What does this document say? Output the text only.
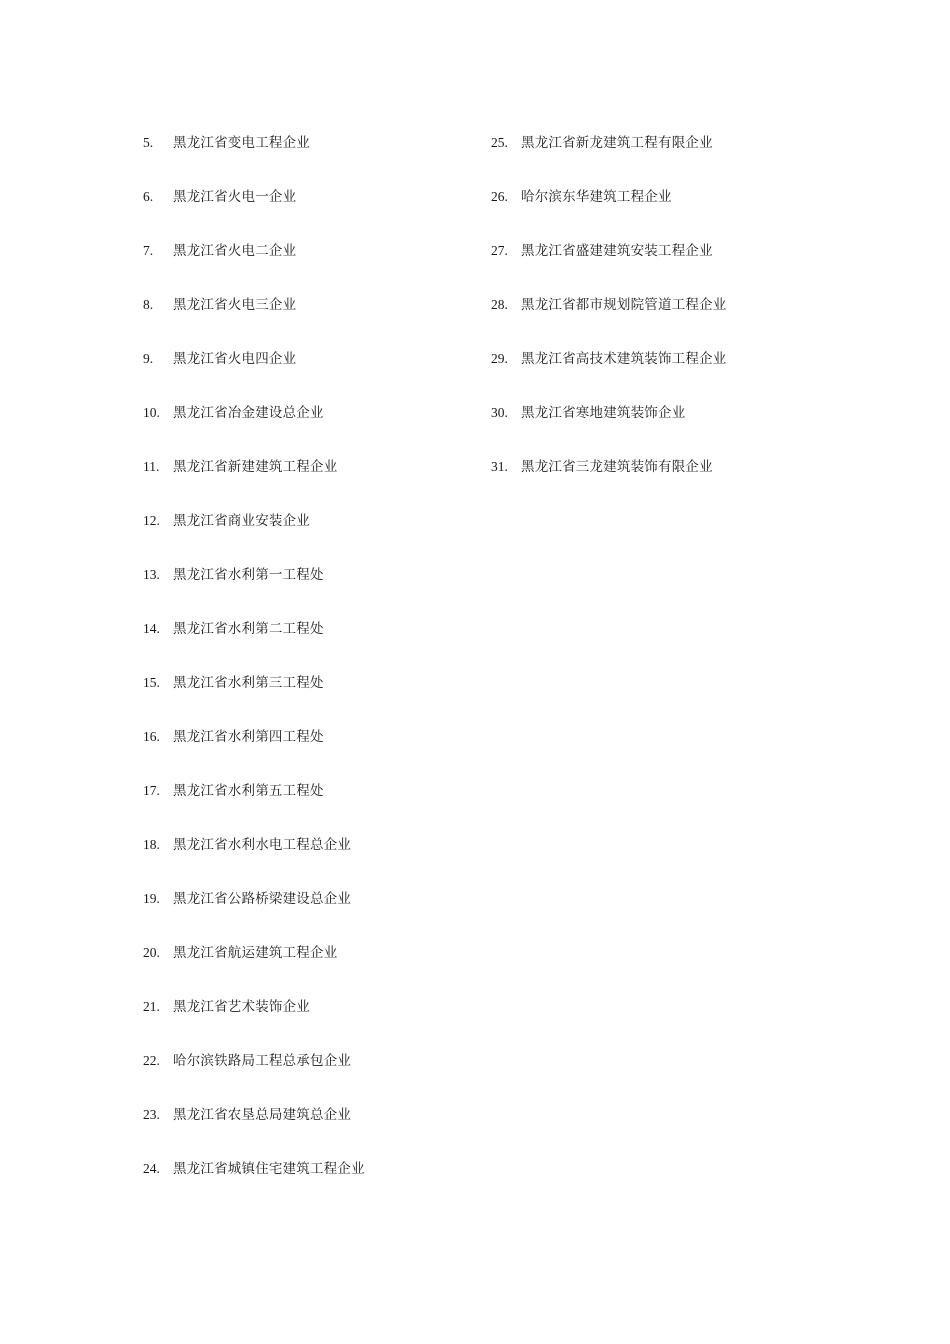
5.	黑龙江省变电工程企业
6.	黑龙江省火电一企业
7.	黑龙江省火电二企业
8.	黑龙江省火电三企业
9.	黑龙江省火电四企业
10. 黑龙江省冶金建设总企业
11.	黑龙江省新建建筑工程企业
12. 黑龙江省商业安装企业
13. 黑龙江省水利第一工程处
14. 黑龙江省水利第二工程处
15. 黑龙江省水利第三工程处
16. 黑龙江省水利第四工程处
17. 黑龙江省水利第五工程处
18. 黑龙江省水利水电工程总企业
19. 黑龙江省公路桥梁建设总企业
20. 黑龙江省航运建筑工程企业
21. 黑龙江省艺术装饰企业
22. 哈尔滨铁路局工程总承包企业
23. 黑龙江省农垦总局建筑总企业
24. 黑龙江省城镇住宅建筑工程企业
25. 黑龙江省新龙建筑工程有限企业
26. 哈尔滨东华建筑工程企业
27. 黑龙江省盛建建筑安装工程企业
28. 黑龙江省都市规划院管道工程企业
29. 黑龙江省高技术建筑装饰工程企业
30. 黑龙江省寒地建筑装饰企业
31. 黑龙江省三龙建筑装饰有限企业
